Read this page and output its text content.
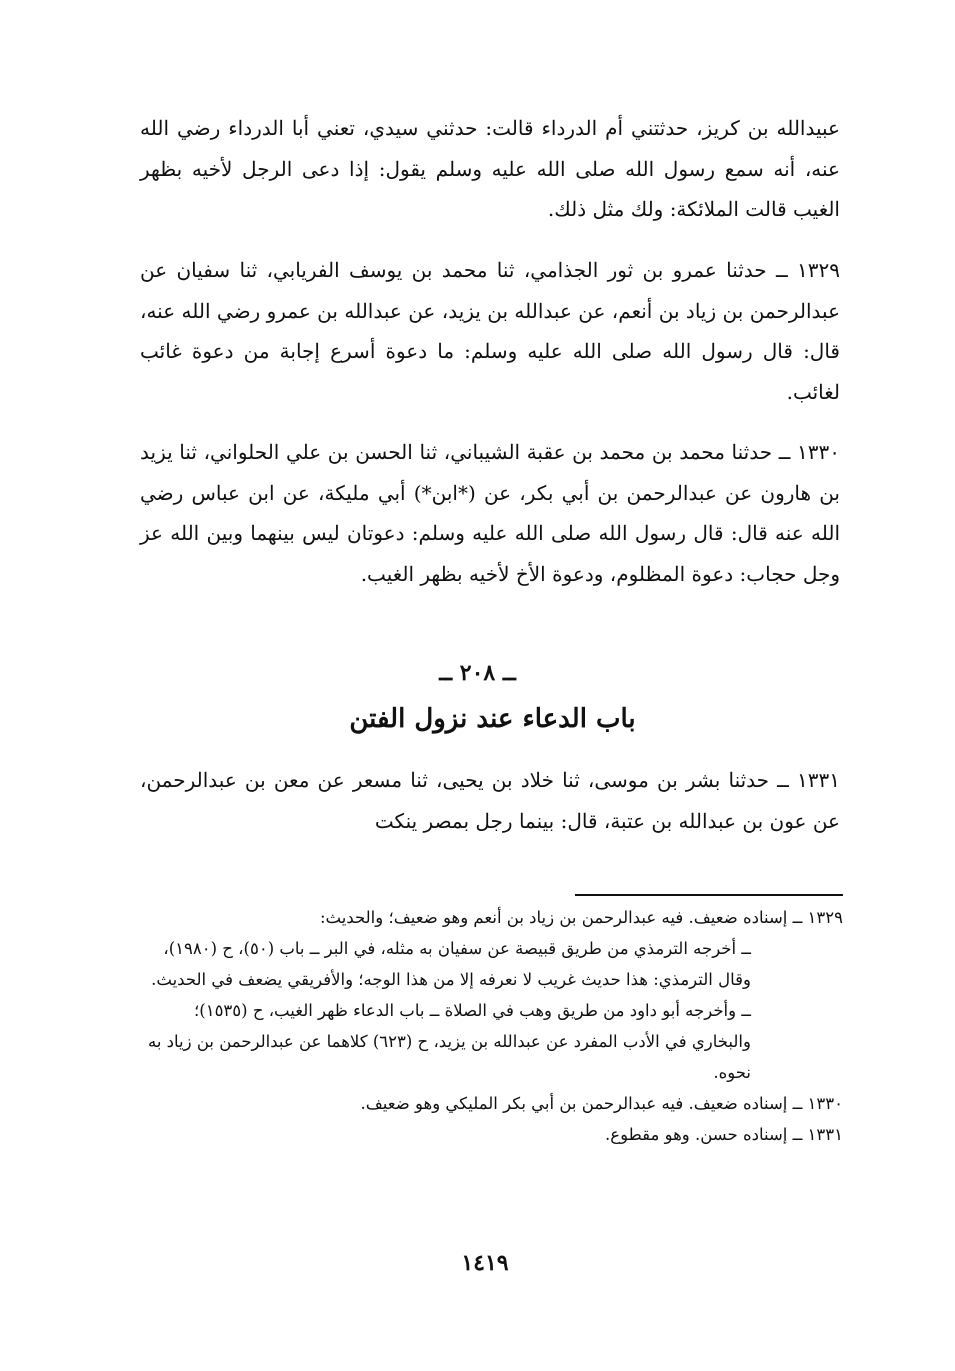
عبيدالله بن كريز، حدثتني أم الدرداء قالت: حدثني سيدي، تعني أبا الدرداء رضي الله عنه، أنه سمع رسول الله صلى الله عليه وسلم يقول: إذا دعى الرجل لأخيه بظهر الغيب قالت الملائكة: ولك مثل ذلك.

١٣٢٩ ــ حدثنا عمرو بن ثور الجذامي، ثنا محمد بن يوسف الفريابي، ثنا سفيان عن عبدالرحمن بن زياد بن أنعم، عن عبدالله بن يزيد، عن عبدالله بن عمرو رضي الله عنه، قال: قال رسول الله صلى الله عليه وسلم: ما دعوة أسرع إجابة من دعوة غائب لغائب.

١٣٣٠ ــ حدثنا محمد بن محمد بن عقبة الشيباني، ثنا الحسن بن علي الحلواني، ثنا يزيد بن هارون عن عبدالرحمن بن أبي بكر، عن (*ابن*) أبي مليكة، عن ابن عباس رضي الله عنه قال: قال رسول الله صلى الله عليه وسلم: دعوتان ليس بينهما وبين الله عز وجل حجاب: دعوة المظلوم، ودعوة الأخ لأخيه بظهر الغيب.

ــ ٢٠٨ ــ
باب الدعاء عند نزول الفتن

١٣٣١ ــ حدثنا بشر بن موسى، ثنا خلاد بن يحيى، ثنا مسعر عن معن بن عبدالرحمن، عن عون بن عبدالله بن عتبة، قال: بينما رجل بمصر ينكت

١٣٢٩ ــ إسناده ضعيف. فيه عبدالرحمن بن زياد بن أنعم وهو ضعيف؛ والحديث:

ــ أخرجه الترمذي من طريق قبيصة عن سفيان به مثله، في البر ــ باب (٥٠)، ح (١٩٨٠)، وقال الترمذي: هذا حديث غريب لا نعرفه إلا من هذا الوجه؛ والأفريقي يضعف في الحديث.

ــ وأخرجه أبو داود من طريق وهب في الصلاة ــ باب الدعاء ظهر الغيب، ح (١٥٣٥)؛ والبخاري في الأدب المفرد عن عبدالله بن يزيد، ح (٦٢٣) كلاهما عن عبدالرحمن بن زياد به نحوه.

١٣٣٠ ــ إسناده ضعيف. فيه عبدالرحمن بن أبي بكر المليكي وهو ضعيف.

١٣٣١ ــ إسناده حسن. وهو مقطوع.

١٤١٩
